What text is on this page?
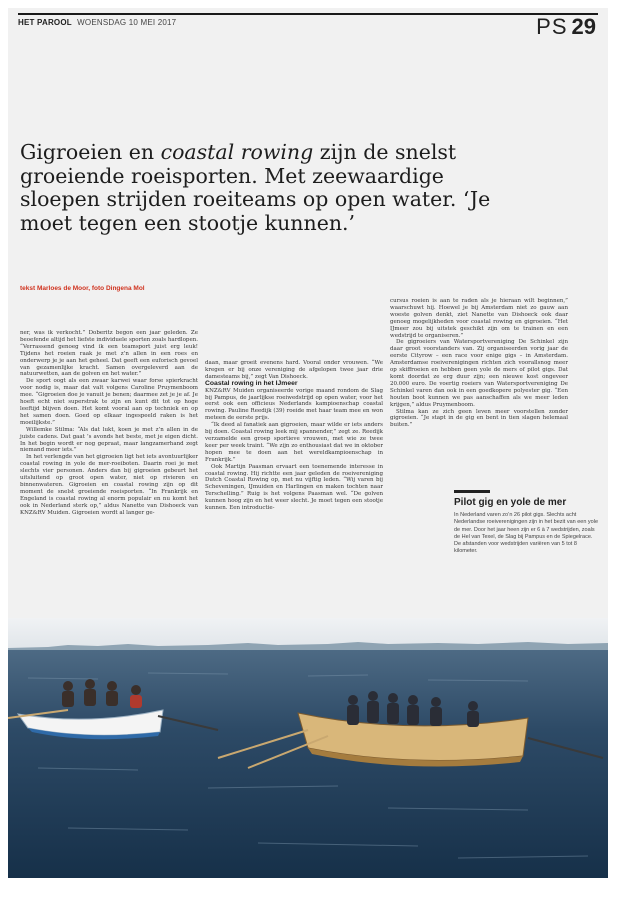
HET PAROOL WOENSDAG 10 MEI 2017	PS 29
Gigroeien en coastal rowing zijn de snelst groeiende roeisporten. Met zeewaardige sloepen strijden roeiteams op open water. ‘Je moet tegen een stootje kunnen.’
tekst Marloes de Moor, foto Dingena Mol

ner, was ik verkocht.” Doberitz begon een jaar geleden. Ze beoefende altijd het liefste individuele sporten zoals hardlopen. “Verrassend genoeg vind ik een teamsport juist erg leuk! Tijdens het roeien raak je met z’n allen in een roes en onderwerp je je aan het geheel. Dat geeft een euforisch gevoel van gezamenlijke kracht. Samen overgeleverd aan de natuurwetten, aan de golven en het water.”

De sport oogt als een zwaar karwei waar forse spierkracht voor nodig is, maar dat valt volgens Caroline Pruymenboom mee. “Gigroeien doe je vanuit je benen; daarmee zet je je af. Je hoeft echt niet superstrak te zijn en kunt dit tot op hoge leeftijd blijven doen. Het komt vooral aan op techniek en op het samen doen. Goed op elkaar ingespeeld raken is het moeilijkste.”

Willemke Stilma: “Als dat lukt, koen je met z’n allen in de juiste cadens. Dat gaat ’s avonds het beste, met je eigen dicht. In het begin wordt er nog gepraat, maar langzamerhand zegt niemand meer iets.”

In het verlengde van het gigroeien ligt het iets avontuurlijker coastal rowing in yole de mer-roeiboten. Daarin roei je met slechts vier personen. Anders dan bij gigroeien gebeurt het uitsluitend op groot open water, niet op rivieren en binnenwateren. Gigroeien en coastal rowing zijn op dit moment de snelst groeiende roeisporten. “In Frankrijk en Engeland is coastal rowing al enorm populair en nu komt het ook in Nederland sterk op,” aldus Nanette van Dishoeck van KNZ&RV Muiden. Gigroeien wordt al langer ge-

daan, maar groeit evenens hard. Vooral onder vrouwen. “We kregen er bij onze vereniging de afgelopen twee jaar drie damesteams bij,” zegt Van Dishoeck.

Coastal rowing in het IJmeer

KNZ&RV Muiden organiseerde vorige maand rondom de Slag bij Pampus, de jaarlijkse roeiwedstrijd op open water, voor het eerst ook een officieus Nederlands kampioenschap coastal rowing. Pauline Reedijk (39) roeide met haar team mee en won meteen de eerste prijs.

“Ik deed al fanatiek aan gigroeien, maar wilde er iets anders bij doen. Coastal rowing leek mij spannender,” zegt ze. Reedijk verzamelde een groep sportieve vrouwen, met wie ze twee keer per week traint. “We zijn zo enthousiast dat we in oktober hopen mee te doen aan het wereldkampioenschap in Frankrijk.”

Ook Martijn Paasman ervaart een toenemende interesse in coastal rowing. Hij richtte een jaar geleden de roeivereniging Dutch Coastal Rowing op, met nu vijftig leden. “Wij varen bij Scheveningen, IJmuiden en Harlingen en maken tochten naar Terschelling.” Ruig is het volgens Paasman wel. “De golven kunnen hoog zijn en het weer slecht. Je moet tegen een stootje kunnen. Een introductie-

cursus roeien is aan te raden als je hieraan wilt beginnen,” waarschuwt hij. Hoewel je bij Amsterdam niet zo gauw aan woeste golven denkt, ziet Nanette van Dishoeck ook daar genoeg mogelijkheden voor coastal rowing en gigroeien. “Het IJmeer zou bij uitstek geschikt zijn om te trainen en een wedstrijd te organiseren.”

De gigroeiers van Watersportvereniging De Schinkel zijn daar groot voorstanders van. Zij organiseerden vorig jaar de eerste Cityrow – een race voor enige gigs – in Amsterdam. Amsterdamse roeiverenigingen richten zich voorallsnog meer op skiffroeien en hebben geen yole de mers of pilot gigs. Dat komt doordat ze erg duur zijn; een nieuwe kost ongeveer 20.000 euro. De voertig roeiers van Watersportvereniging De Schinkel varen dan ook in een goedkopere polyester gig. “Een houten boot kunnen we pas aanschaffen als we meer leden krijgen,” aldus Pruymenboom.

Stilma kan ze zich geen leven meer voorstellen zonder gigroeien. “Je stapt in de gig en bent in tien slagen helemaal buiten.”

Pilot gig en yole de mer

In Nederland varen zo’n 26 pilot gigs. Slechts acht Nederlandse roeiverenigingen zijn in het bezit van een yole de mer. Door het jaar heen zijn er 6 à 7 wedstrijden, zoals de Hel van Texel, de Slag bij Pampus en de Spiegelrace. De afstanden voor wedstrijden variëren van 5 tot 8 kilometer.
